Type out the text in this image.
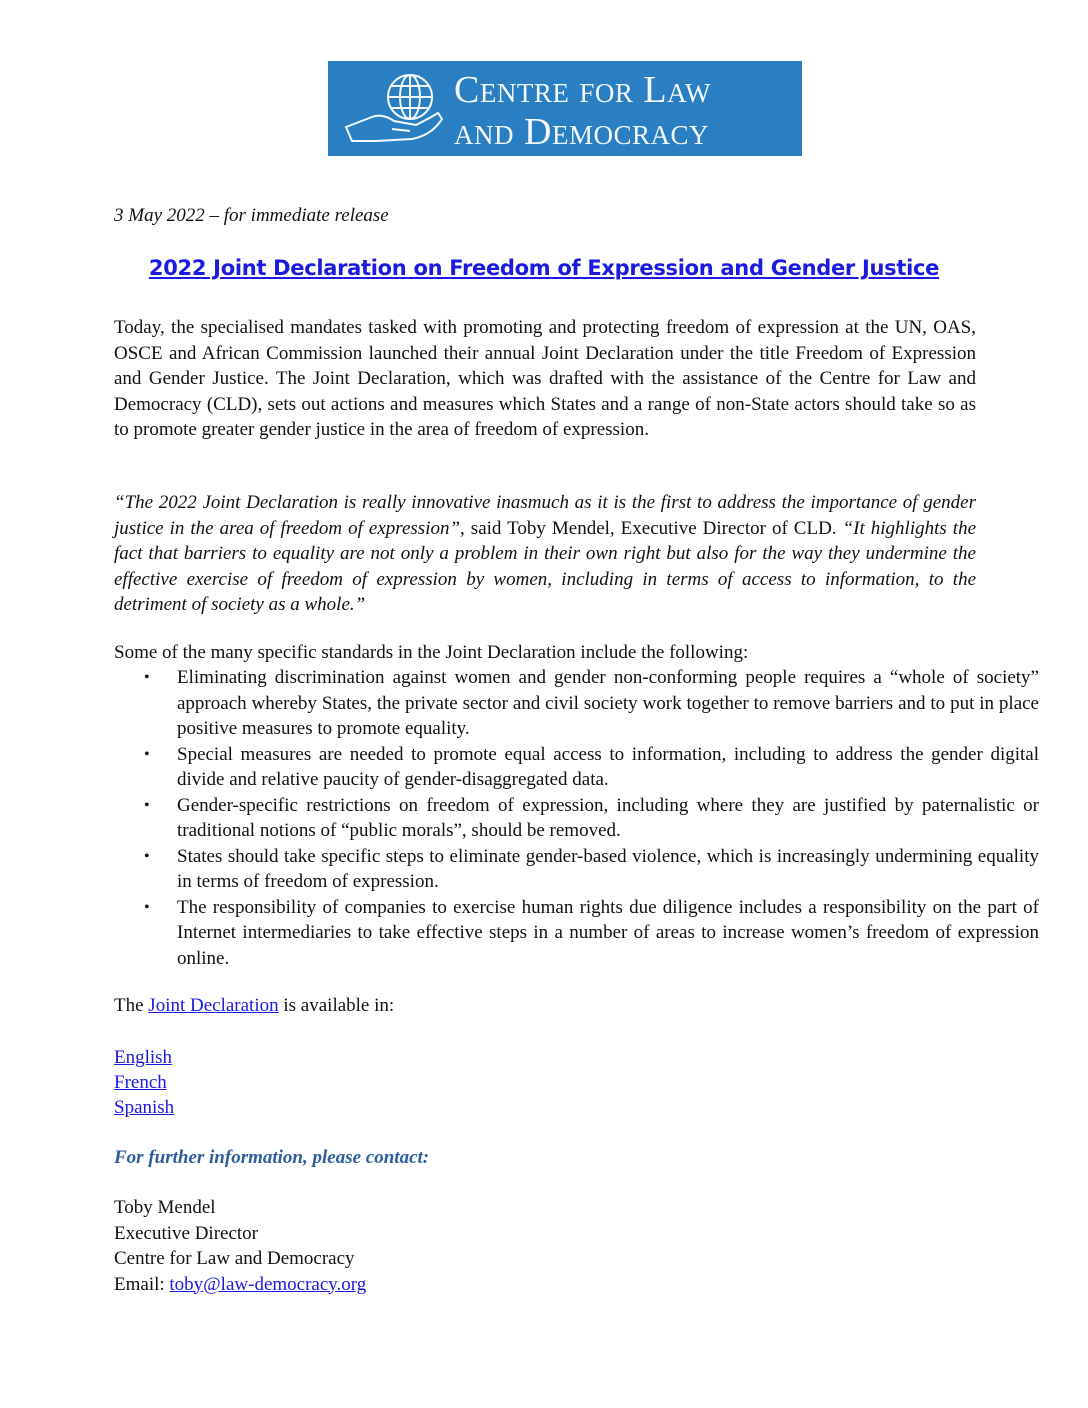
CENTRE FOR LAW
AND DEMOCRACY
3 May 2022 – for immediate release
2022 Joint Declaration on Freedom of Expression and Gender Justice

Today, the specialised mandates tasked with promoting and protecting freedom of expression at the UN, OAS, OSCE and African Commission launched their annual Joint Declaration under the title Freedom of Expression and Gender Justice. The Joint Declaration, which was drafted with the assistance of the Centre for Law and Democracy (CLD), sets out actions and measures which States and a range of non-State actors should take so as to promote greater gender justice in the area of freedom of expression.

“The 2022 Joint Declaration is really innovative inasmuch as it is the first to address the importance of gender justice in the area of freedom of expression”, said Toby Mendel, Executive Director of CLD. “It highlights the fact that barriers to equality are not only a problem in their own right but also for the way they undermine the effective exercise of freedom of expression by women, including in terms of access to information, to the detriment of society as a whole.”

Some of the many specific standards in the Joint Declaration include the following:

• Eliminating discrimination against women and gender non-conforming people requires a “whole of society” approach whereby States, the private sector and civil society work together to remove barriers and to put in place positive measures to promote equality.
• Special measures are needed to promote equal access to information, including to address the gender digital divide and relative paucity of gender-disaggregated data.
• Gender-specific restrictions on freedom of expression, including where they are justified by paternalistic or traditional notions of “public morals”, should be removed.
• States should take specific steps to eliminate gender-based violence, which is increasingly undermining equality in terms of freedom of expression.
• The responsibility of companies to exercise human rights due diligence includes a responsibility on the part of Internet intermediaries to take effective steps in a number of areas to increase women’s freedom of expression online.
The Joint Declaration is available in:
English
French
Spanish
For further information, please contact:
Toby Mendel
Executive Director
Centre for Law and Democracy
Email: toby@law-democracy.org
